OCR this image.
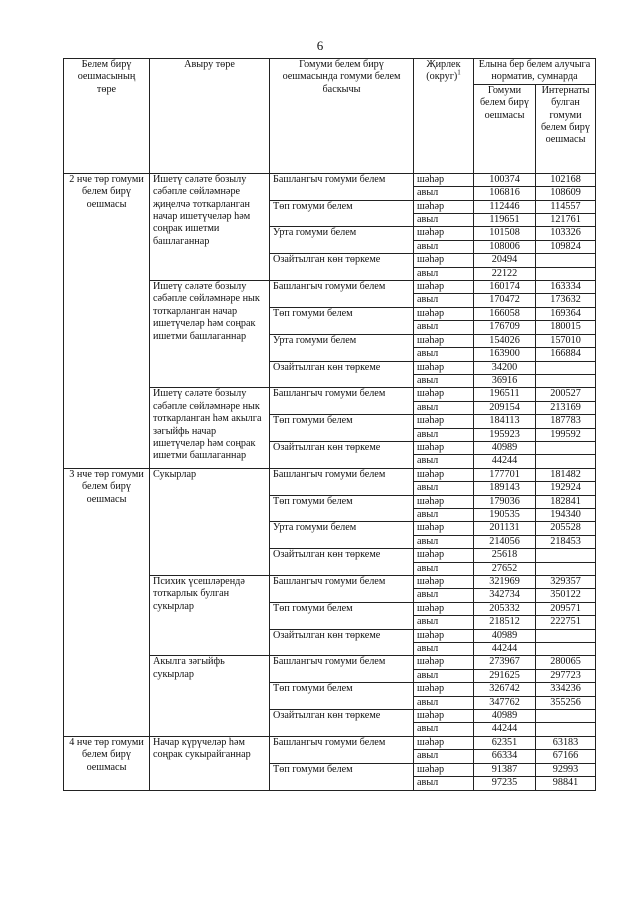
6
Белем бирү оешмасының төре	Авыру төре	Гомуми белем бирү оешмасында гомуми белем баскычы	Җирлек (округ)$^1$	Елына бер белем алучыга норматив, сумнарда	
				Гомуми белем бирү оешмасы	Интернаты булган гомуми белем бирү оешмасы
2 нче төр гомуми белем бирү оешмасы	Ишетү сәләте бозылу сәбәпле сөйләмнәре җиңелчә тоткарланган начар ишетүчеләр һәм соңрак ишетми башлаганнар	Башлангыч гомуми белем	шәһәр	100374	102168
			авыл	106816	108609
		Төп гомуми белем	шәһәр	112446	114557
			авыл	119651	121761
		Урта гомуми белем	шәһәр	101508	103326
			авыл	108006	109824
		Озайтылган көн төркеме	шәһәр	20494	
			авыл	22122	
	Ишетү сәләте бозылу сәбәпле сөйләмнәре нык тоткарланган начар ишетүчеләр һәм соңрак ишетми башлаганнар	Башлангыч гомуми белем	шәһәр	160174	163334
			авыл	170472	173632
		Төп гомуми белем	шәһәр	166058	169364
			авыл	176709	180015
		Урта гомуми белем	шәһәр	154026	157010
			авыл	163900	166884
		Озайтылган көн төркеме	шәһәр	34200	
			авыл	36916	
	Ишетү сәләте бозылу сәбәпле сөйләмнәре нык тоткарланган һәм акылга зәгыйфь начар ишетүчеләр һәм соңрак ишетми башлаганнар	Башлангыч гомуми белем	шәһәр	196511	200527
			авыл	209154	213169
		Төп гомуми белем	шәһәр	184113	187783
			авыл	195923	199592
		Озайтылган көн төркеме	шәһәр	40989	
			авыл	44244	
3 нче төр гомуми белем бирү оешмасы	Сукырлар	Башлангыч гомуми белем	шәһәр	177701	181482
			авыл	189143	192924
		Төп гомуми белем	шәһәр	179036	182841
			авыл	190535	194340
		Урта гомуми белем	шәһәр	201131	205528
			авыл	214056	218453
		Озайтылган көн төркеме	шәһәр	25618	
			авыл	27652	
	Психик үсешләрендә тоткарлык булган сукырлар	Башлангыч гомуми белем	шәһәр	321969	329357
			авыл	342734	350122
		Төп гомуми белем	шәһәр	205332	209571
			авыл	218512	222751
		Озайтылган көн төркеме	шәһәр	40989	
			авыл	44244	
	Акылга зәгыйфь сукырлар	Башлангыч гомуми белем	шәһәр	273967	280065
			авыл	291625	297723
		Төп гомуми белем	шәһәр	326742	334236
			авыл	347762	355256
		Озайтылган көн төркеме	шәһәр	40989	
			авыл	44244	
4 нче төр гомуми белем бирү оешмасы	Начар күрүчеләр һәм соңрак сукырайганнар	Башлангыч гомуми белем	шәһәр	62351	63183
			авыл	66334	67166
		Төп гомуми белем	шәһәр	91387	92993
			авыл	97235	98841
